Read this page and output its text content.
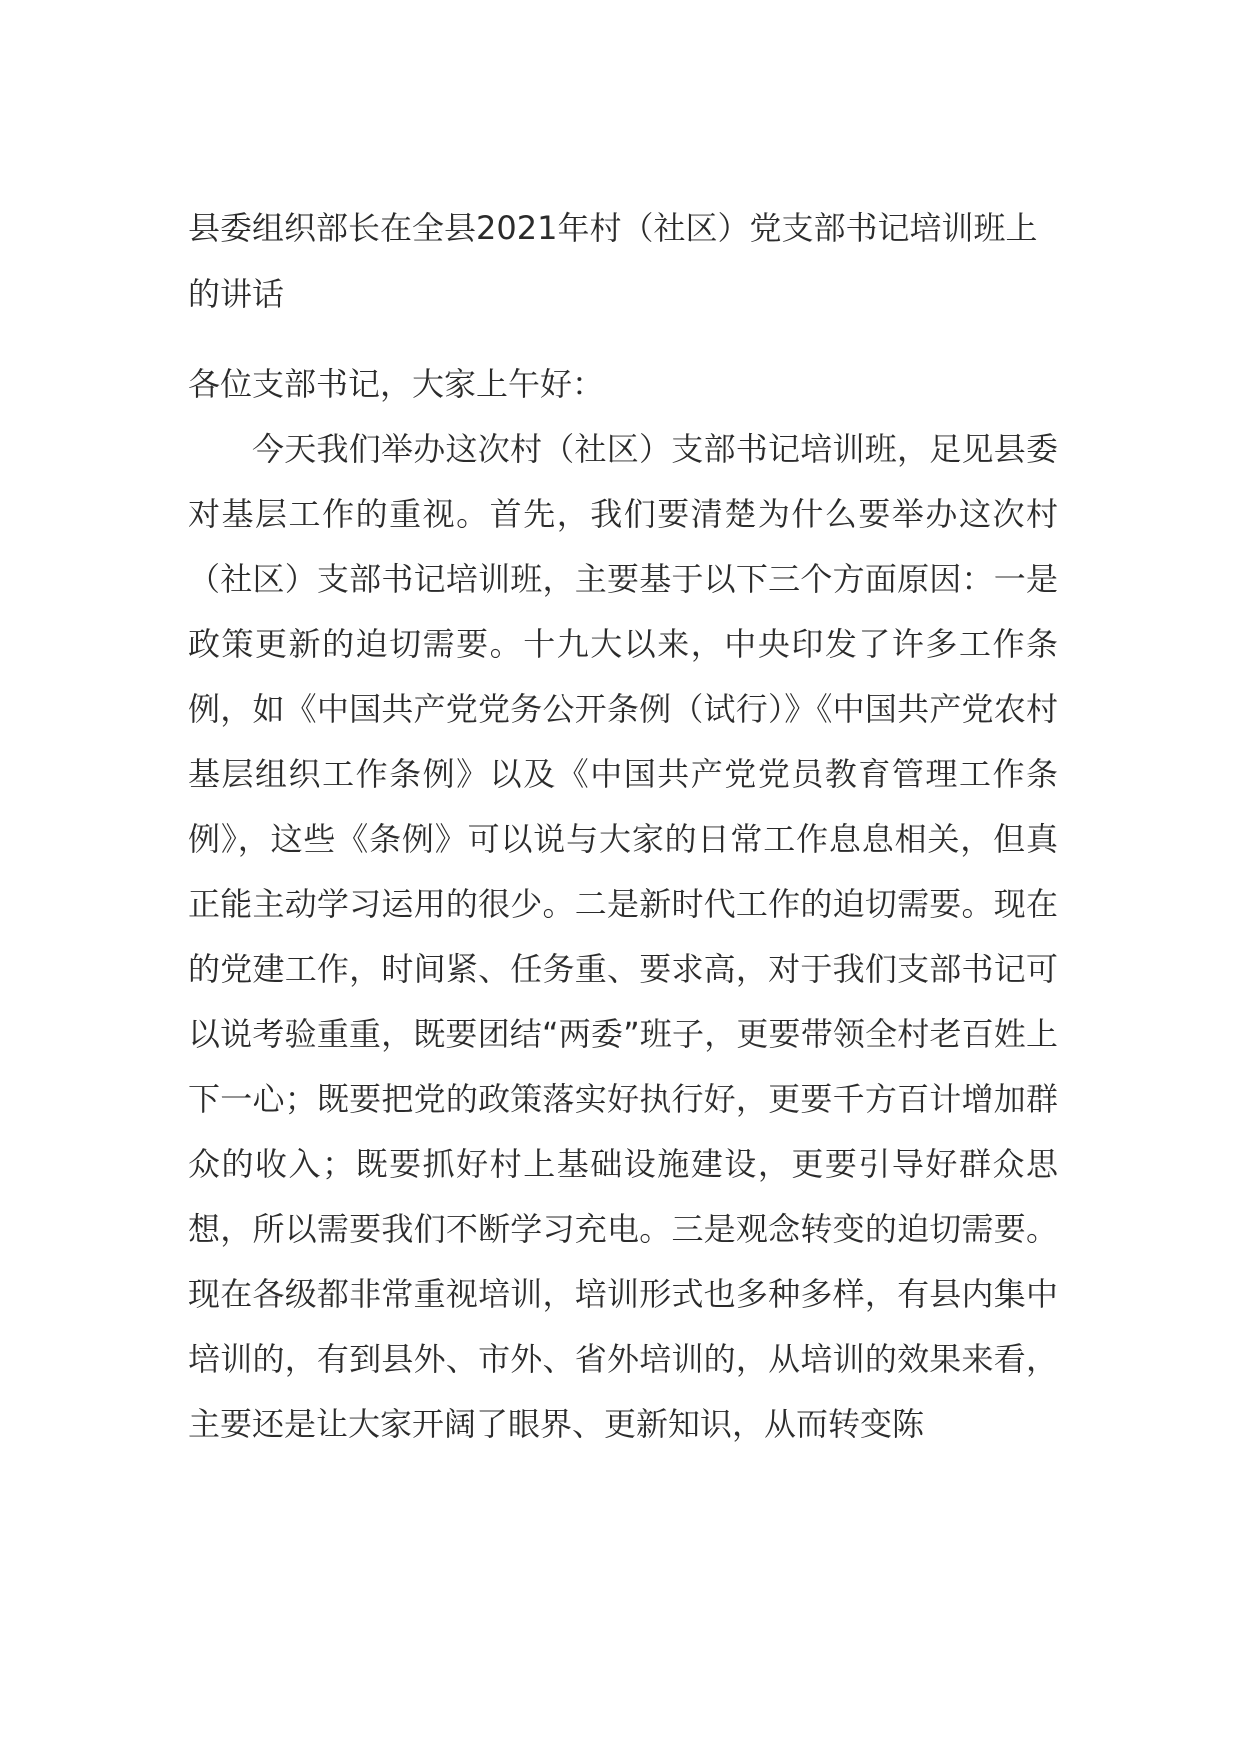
县委组织部长在全县2021年村（社区）党支部书记培训班上的讲话

各位支部书记，大家上午好：

今天我们举办这次村（社区）支部书记培训班，足见县委对基层工作的重视。首先，我们要清楚为什么要举办这次村（社区）支部书记培训班，主要基于以下三个方面原因：一是政策更新的迫切需要。十九大以来，中央印发了许多工作条例，如《中国共产党党务公开条例（试行）》《中国共产党农村基层组织工作条例》以及《中国共产党党员教育管理工作条例》，这些《条例》可以说与大家的日常工作息息相关，但真正能主动学习运用的很少。二是新时代工作的迫切需要。现在的党建工作，时间紧、任务重、要求高，对于我们支部书记可以说考验重重，既要团结“两委”班子，更要带领全村老百姓上下一心；既要把党的政策落实好执行好，更要千方百计增加群众的收入；既要抓好村上基础设施建设，更要引导好群众思想，所以需要我们不断学习充电。三是观念转变的迫切需要。现在各级都非常重视培训，培训形式也多种多样，有县内集中培训的，有到县外、市外、省外培训的，从培训的效果来看，主要还是让大家开阔了眼界、更新知识，从而转变陈
